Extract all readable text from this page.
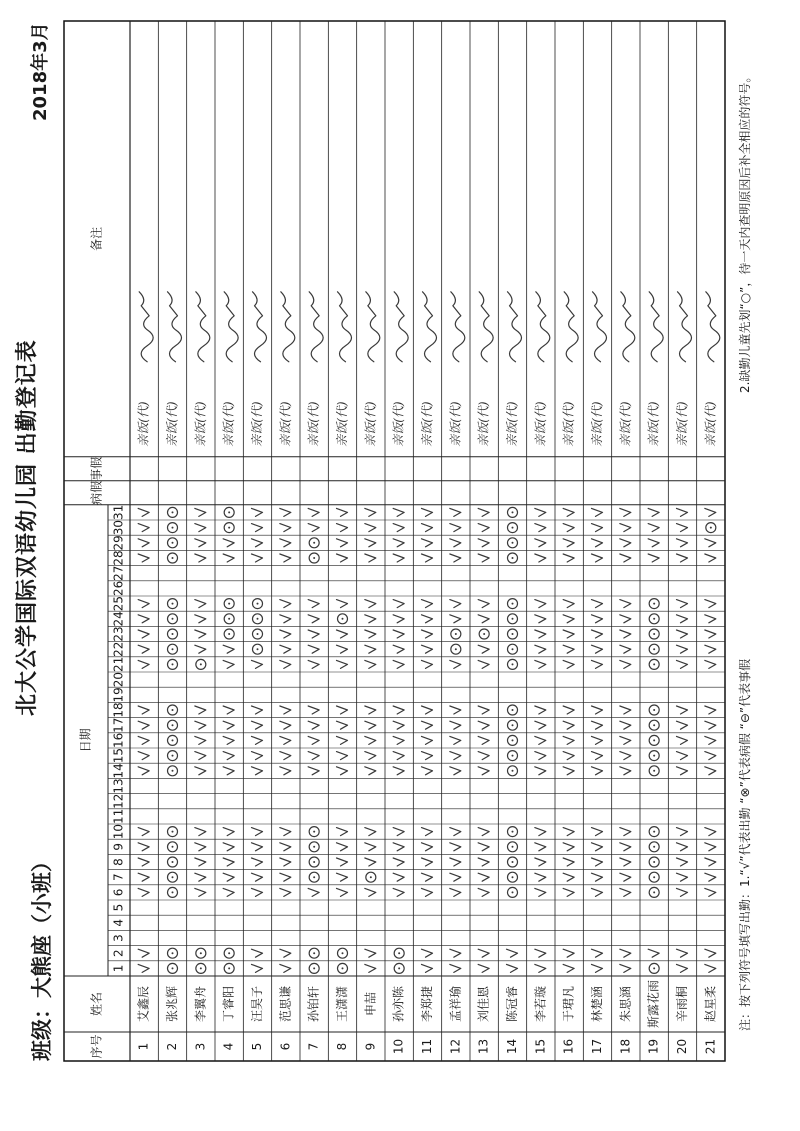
北大公学国际双语幼儿园 出勤登记表
班级：大熊座（小班）
2018年3月
序号
姓名
日期
病假
事假
备注
1
2
3
4
5
6
7
8
9
10
11
12
13
14
15
16
17
18
19
20
21
22
23
24
25
26
27
28
29
30
31
1
艾鑫辰
亲饭(代)
2
张兆辉
亲饭(代)
3
李翼舟
亲饭(代)
4
丁睿阳
亲饭(代)
5
汪昊子
亲饭(代)
6
范思谦
亲饭(代)
7
孙铂轩
亲饭(代)
8
王潇潇
亲饭(代)
9
申喆
亲饭(代)
10
孙亦陈
亲饭(代)
11
李郑捷
亲饭(代)
12
孟祥瑜
亲饭(代)
13
刘佳恩
亲饭(代)
14
陈冠睿
亲饭(代)
15
李若璇
亲饭(代)
16
于珺凡
亲饭(代)
17
林楚涵
亲饭(代)
18
朱思涵
亲饭(代)
19
斯露花雨
亲饭(代)
20
辛雨桐
亲饭(代)
21
赵星柔
亲饭(代)
注：按下列符号填写出勤：1.“√”代表出勤 “⊗”代表病假 “⊖”代表事假
2.缺勤儿童先划“○”，待一天内查明原因后补全相应的符号。
